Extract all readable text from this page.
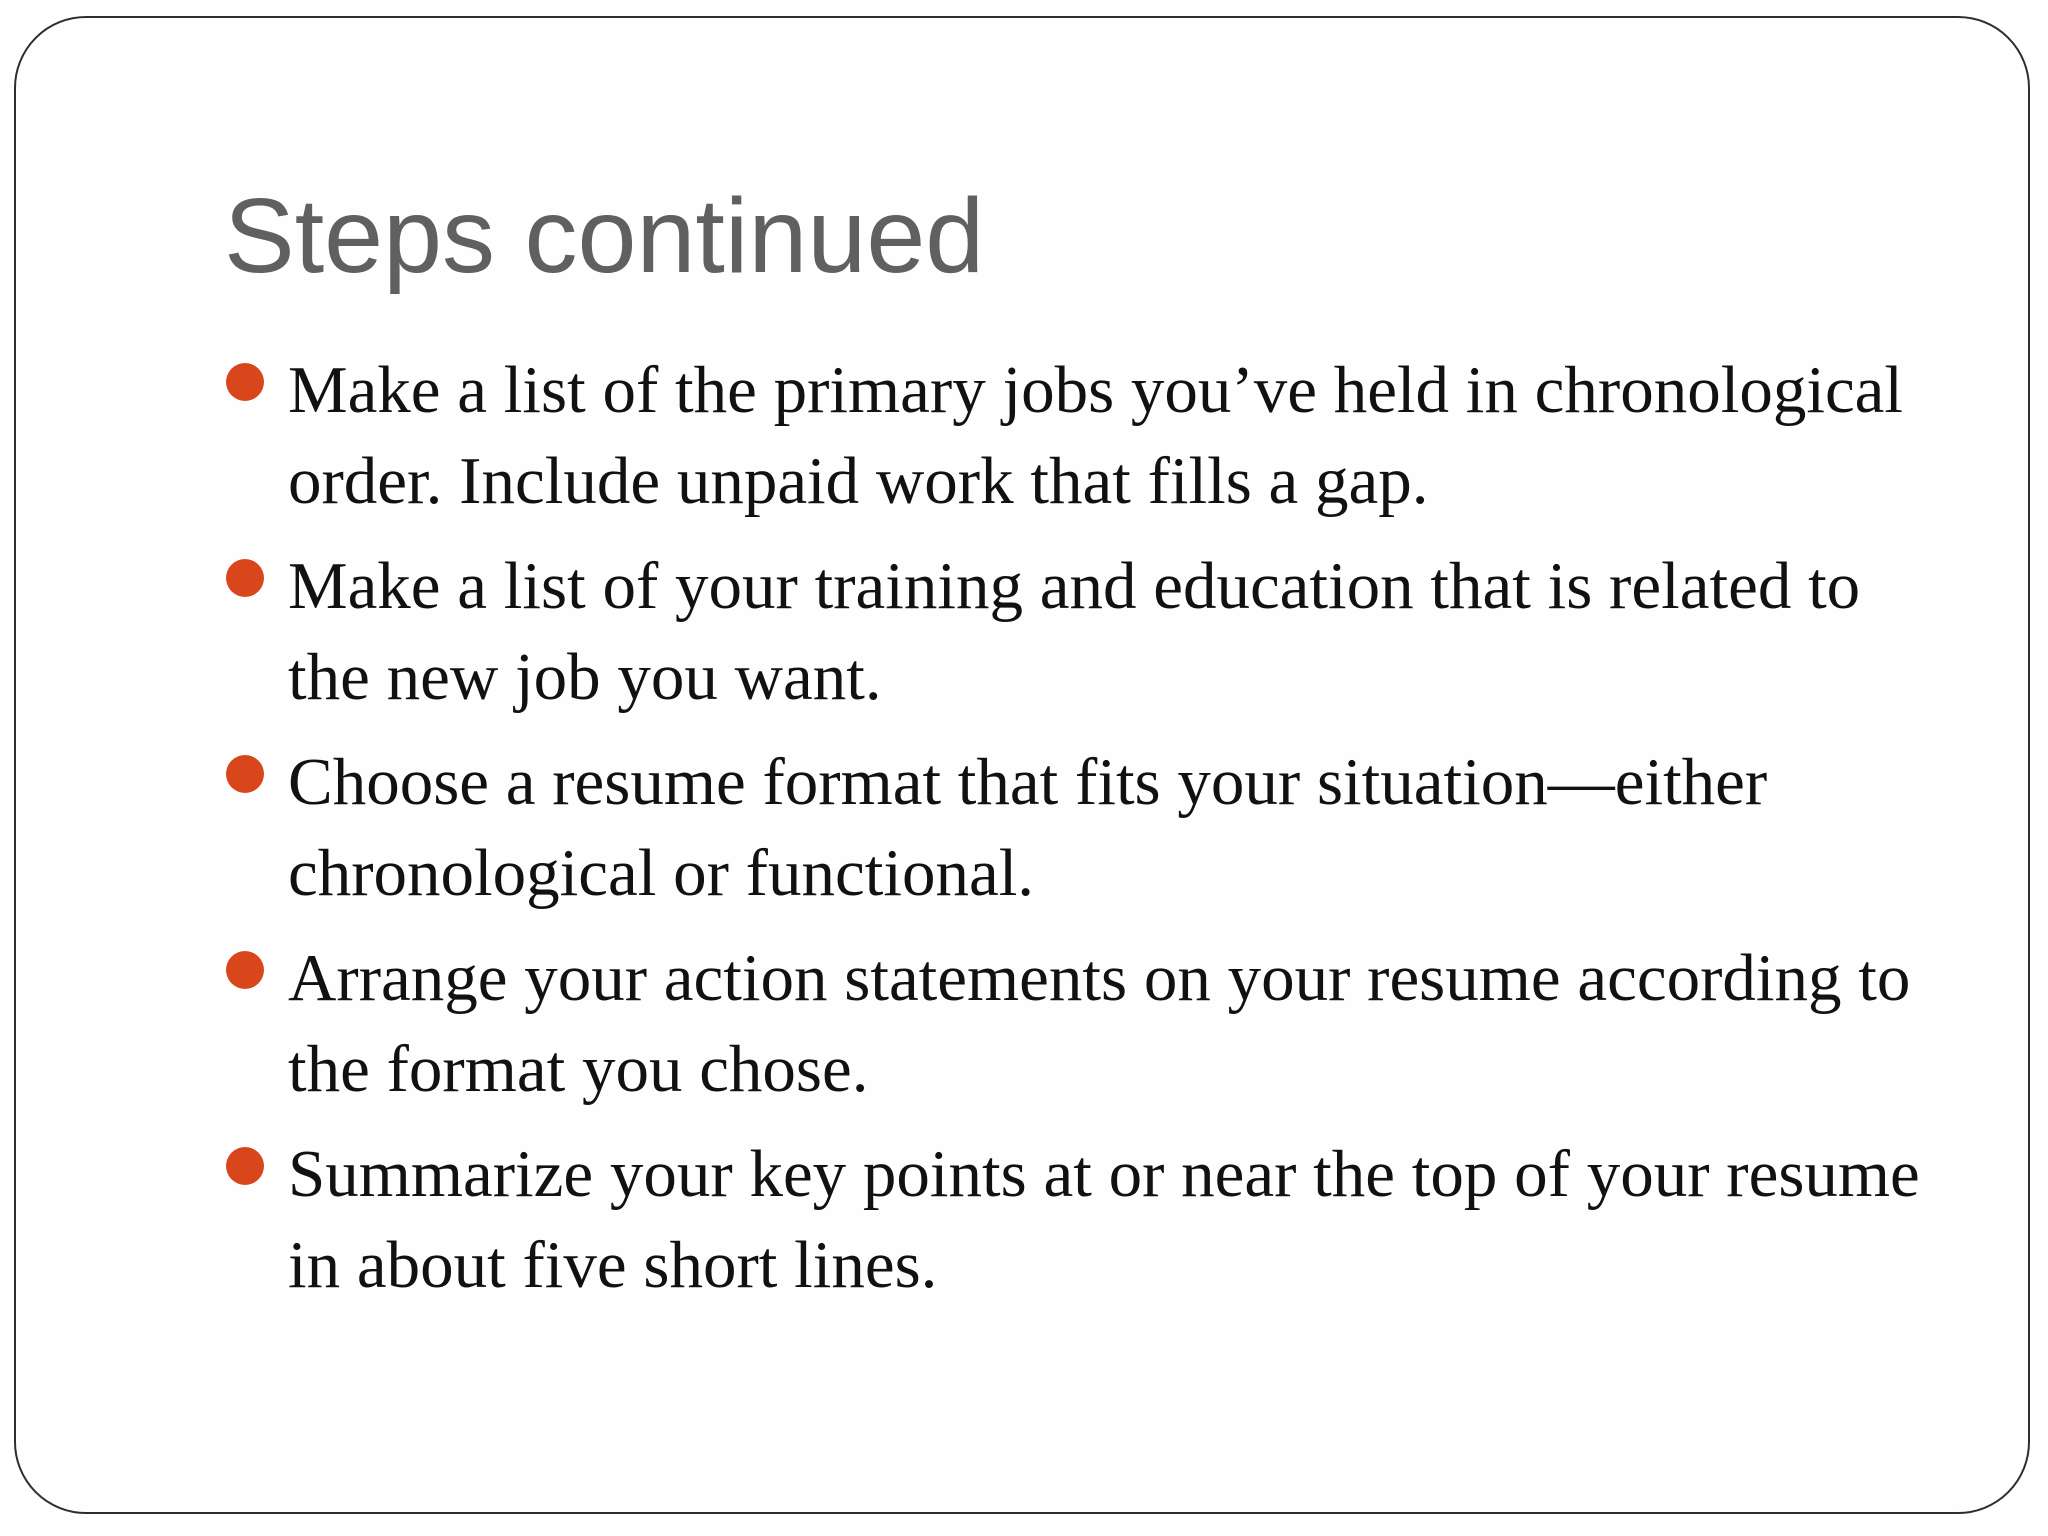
Steps continued
Make a list of the primary jobs you’ve held in chronological order. Include unpaid work that fills a gap.
Make a list of your training and education that is related to the new job you want.
Choose a resume format that fits your situation—either chronological or functional.
Arrange your action statements on your resume according to the format you chose.
Summarize your key points at or near the top of your resume in about five short lines.
